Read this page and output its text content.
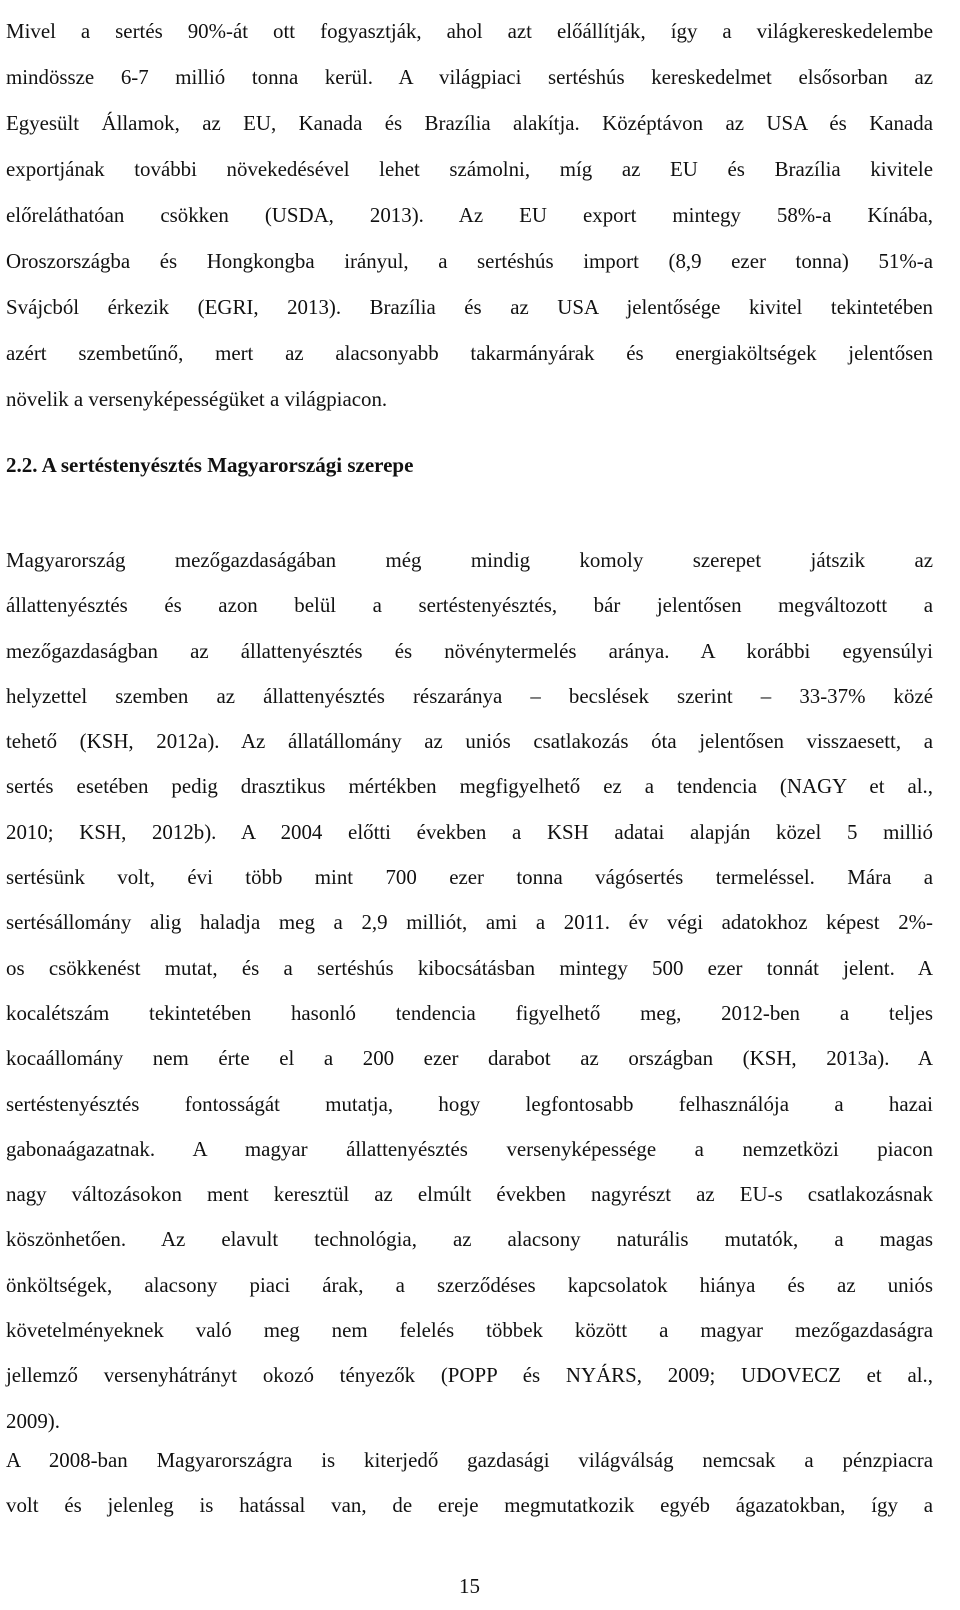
Mivel a sertés 90%-át ott fogyasztják, ahol azt előállítják, így a világkereskedelembe
mindössze 6-7 millió tonna kerül. A világpiaci sertéshús kereskedelmet elsősorban az
Egyesült Államok, az EU, Kanada és Brazília alakítja. Középtávon az USA és Kanada
exportjának további növekedésével lehet számolni, míg az EU és Brazília kivitele
előreláthatóan csökken (USDA, 2013). Az EU export mintegy 58%-a Kínába,
Oroszországba és Hongkongba irányul, a sertéshús import (8,9 ezer tonna) 51%-a
Svájcból érkezik (EGRI, 2013). Brazília és az USA jelentősége kivitel tekintetében
azért szembetűnő, mert az alacsonyabb takarmányárak és energiaköltségek jelentősen
növelik a versenyképességüket a világpiacon.
2.2. A sertéstenyésztés Magyarországi szerepe
Magyarország mezőgazdaságában még mindig komoly szerepet játszik az
állattenyésztés és azon belül a sertéstenyésztés, bár jelentősen megváltozott a
mezőgazdaságban az állattenyésztés és növénytermelés aránya. A korábbi egyensúlyi
helyzettel szemben az állattenyésztés részaránya – becslések szerint – 33-37% közé
tehető (KSH, 2012a). Az állatállomány az uniós csatlakozás óta jelentősen visszaesett, a
sertés esetében pedig drasztikus mértékben megfigyelhető ez a tendencia (NAGY et al.,
2010; KSH, 2012b). A 2004 előtti években a KSH adatai alapján közel 5 millió
sertésünk volt, évi több mint 700 ezer tonna vágósertés termeléssel. Mára a
sertésállomány alig haladja meg a 2,9 milliót, ami a 2011. év végi adatokhoz képest 2%-
os csökkenést mutat, és a sertéshús kibocsátásban mintegy 500 ezer tonnát jelent. A
kocalétszám tekintetében hasonló tendencia figyelhető meg, 2012-ben a teljes
kocaállomány nem érte el a 200 ezer darabot az országban (KSH, 2013a). A
sertéstenyésztés fontosságát mutatja, hogy legfontosabb felhasználója a hazai
gabonaágazatnak. A magyar állattenyésztés versenyképessége a nemzetközi piacon
nagy változásokon ment keresztül az elmúlt években nagyrészt az EU-s csatlakozásnak
köszönhetően. Az elavult technológia, az alacsony naturális mutatók, a magas
önköltségek, alacsony piaci árak, a szerződéses kapcsolatok hiánya és az uniós
követelményeknek való meg nem felelés többek között a magyar mezőgazdaságra
jellemző versenyhátrányt okozó tényezők (POPP és NYÁRS, 2009; UDOVECZ et al.,
2009).
A 2008-ban Magyarországra is kiterjedő gazdasági világválság nemcsak a pénzpiacra
volt és jelenleg is hatással van, de ereje megmutatkozik egyéb ágazatokban, így a
15
